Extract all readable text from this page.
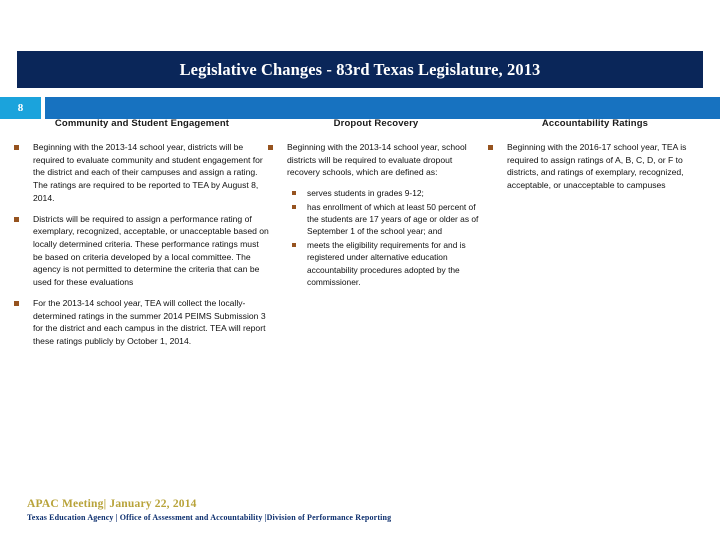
Legislative Changes - 83rd Texas Legislature, 2013
8
Community and Student Engagement
Beginning with the 2013-14 school year, districts will be required to evaluate community and student engagement for the district and each of their campuses and assign a rating. The ratings are required to be reported to TEA by August 8, 2014.
Districts will be required to assign a performance rating of exemplary, recognized, acceptable, or unacceptable based on locally determined criteria. These performance ratings must be based on criteria developed by a local committee. The agency is not permitted to determine the criteria that can be used for these evaluations
For the 2013-14 school year, TEA will collect the locally-determined ratings in the summer 2014 PEIMS Submission 3 for the district and each campus in the district. TEA will report these ratings publicly by October 1, 2014.
Dropout Recovery
Beginning with the 2013-14 school year, school districts will be required to evaluate dropout recovery schools, which are defined as:
serves students in grades 9-12;
has enrollment of which at least 50 percent of the students are 17 years of age or older as of September 1 of the school year; and
meets the eligibility requirements for and is registered under alternative education accountability procedures adopted by the commissioner.
Accountability Ratings
Beginning with the 2016-17 school year, TEA is required to assign ratings of A, B, C, D, or F to districts, and ratings of exemplary, recognized, acceptable, or unacceptable to campuses
APAC Meeting| January 22, 2014
Texas Education Agency | Office of Assessment and Accountability |Division of Performance Reporting
